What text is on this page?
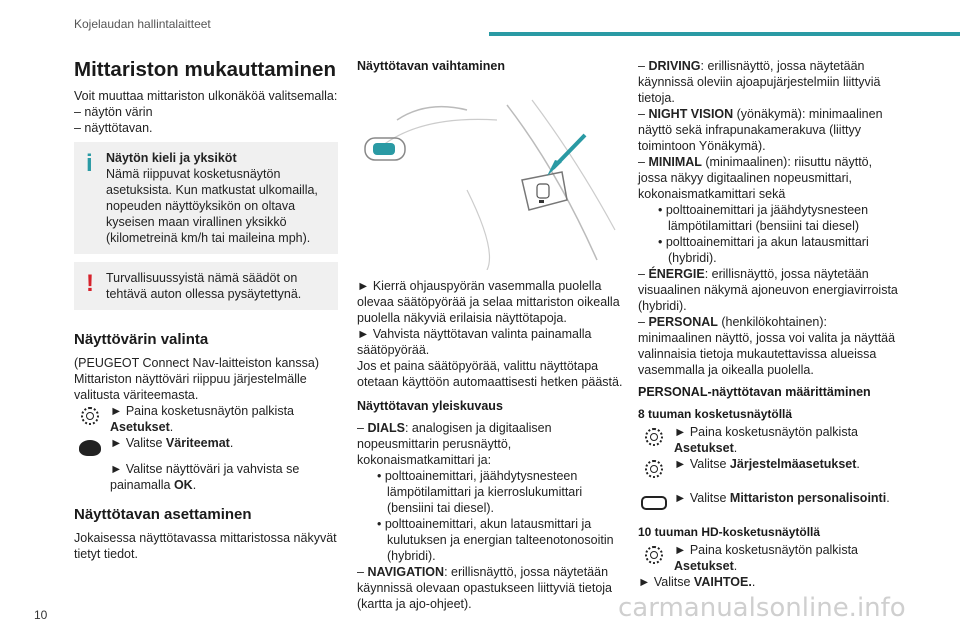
Kojelaudan hallintalaitteet
Mittariston mukauttaminen

Voit muuttaa mittariston ulkonäköä valitsemalla:

– näytön värin

– näyttötavan.

i Näytön kieli ja yksiköt
Nämä riippuvat kosketusnäytön asetuksista. Kun matkustat ulkomailla, nopeuden näyttöyksikön on oltava kyseisen maan virallinen yksikkö (kilometreinä km/h tai maileina mph).
! Turvallisuussyistä nämä säädöt on tehtävä auton ollessa pysäytettynä.
Näyttövärin valinta

(PEUGEOT Connect Nav-laitteiston kanssa) Mittariston näyttöväri riippuu järjestelmälle valitusta väriteemasta.

► Paina kosketusnäytön palkista Asetukset.
► Valitse Väriteemat.

► Valitse näyttöväri ja vahvista se painamalla OK.

Näyttötavan asettaminen

Jokaisessa näyttötavassa mittaristossa näkyvät tietyt tiedot.

Näyttötavan vaihtaminen

► Kierrä ohjauspyörän vasemmalla puolella olevaa säätöpyörää ja selaa mittariston oikealla puolella näkyviä erilaisia näyttötapoja.

► Vahvista näyttötavan valinta painamalla säätöpyörää.

Jos et paina säätöpyörää, valittu näyttötapa otetaan käyttöön automaattisesti hetken päästä.

Näyttötavan yleiskuvaus

– DIALS: analogisen ja digitaalisen nopeusmittarin perusnäyttö, kokonaismatkamittari ja:

• polttoainemittari, jäähdytysnesteen lämpötilamittari ja kierroslukumittari (bensiini tai diesel).

• polttoainemittari, akun latausmittari ja kulutuksen ja energian talteenotonosoitin (hybridi).

– NAVIGATION: erillisnäyttö, jossa näytetään käynnissä olevaan opastukseen liittyviä tietoja (kartta ja ajo-ohjeet).

– DRIVING: erillisnäyttö, jossa näytetään käynnissä oleviin ajoapujärjestelmiin liittyviä tietoja.

– NIGHT VISION (yönäkymä): minimaalinen näyttö sekä infrapunakamerakuva (liittyy toimintoon Yönäkymä).

– MINIMAL (minimaalinen): riisuttu näyttö, jossa näkyy digitaalinen nopeusmittari, kokonaismatkamittari sekä

• polttoainemittari ja jäähdytysnesteen lämpötilamittari (bensiini tai diesel)

• polttoainemittari ja akun latausmittari (hybridi).

– ÉNERGIE: erillisnäyttö, jossa näytetään visuaalinen näkymä ajoneuvon energiavirroista (hybridi).

– PERSONAL (henkilökohtainen): minimaalinen näyttö, jossa voi valita ja näyttää valinnaisia tietoja mukautettavissa alueissa vasemmalla ja oikealla puolella.

PERSONAL-näyttötavan määrittäminen
8 tuuman kosketusnäytöllä
► Paina kosketusnäytön palkista Asetukset.
► Valitse Järjestelmäasetukset.
► Valitse Mittariston personalisointi.
10 tuuman HD-kosketusnäytöllä
► Paina kosketusnäytön palkista Asetukset.

► Valitse VAIHTOE..

10	carmanualsonline.info
